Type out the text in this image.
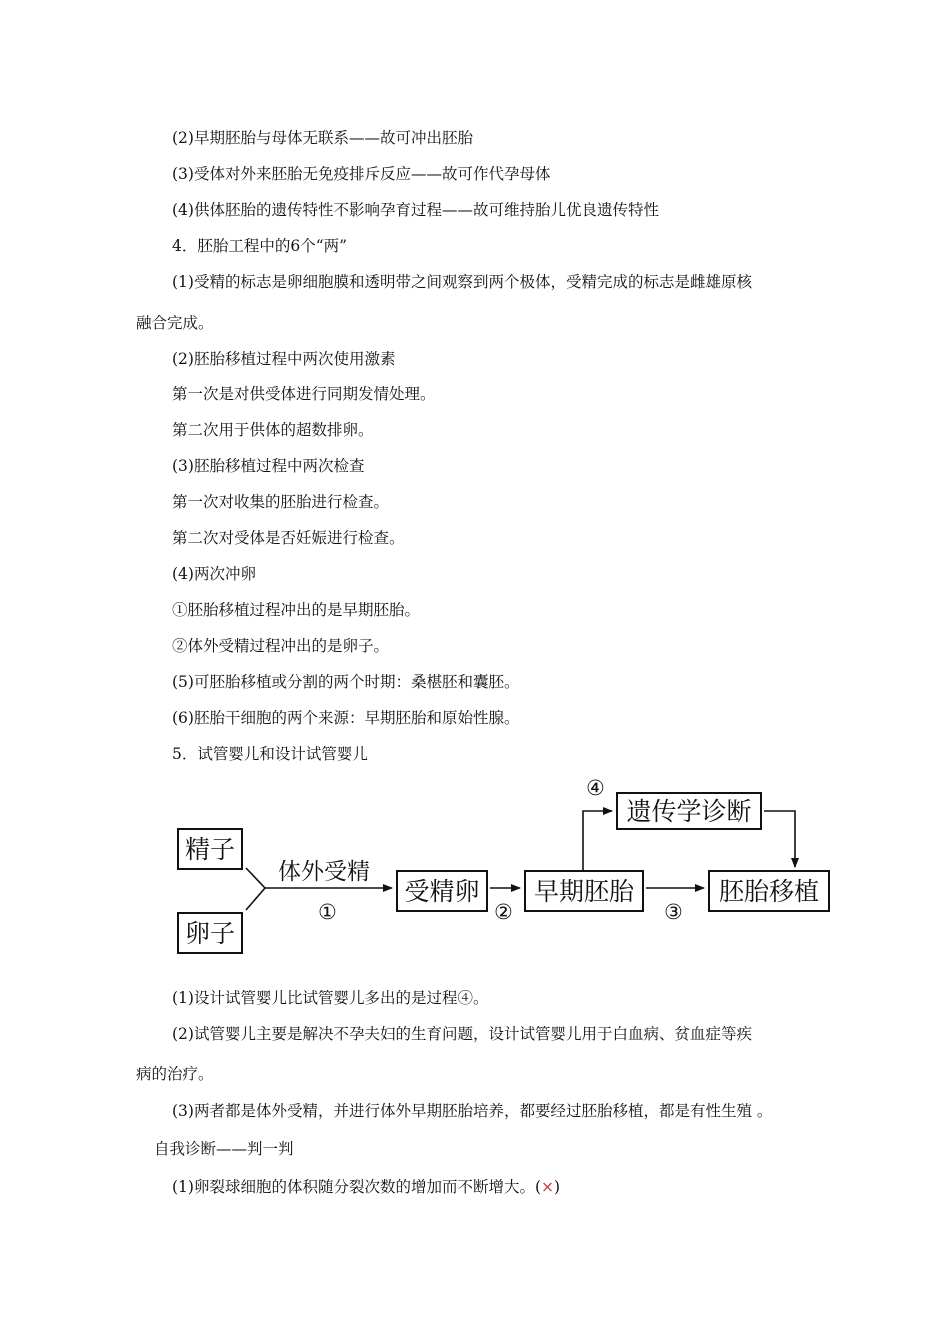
(2)早期胚胎与母体无联系——故可冲出胚胎
(3)受体对外来胚胎无免疫排斥反应——故可作代孕母体
(4)供体胚胎的遗传特性不影响孕育过程——故可维持胎儿优良遗传特性
4．胚胎工程中的6个“两”
(1)受精的标志是卵细胞膜和透明带之间观察到两个极体，受精完成的标志是雌雄原核
融合完成。
(2)胚胎移植过程中两次使用激素
第一次是对供受体进行同期发情处理。
第二次用于供体的超数排卵。
(3)胚胎移植过程中两次检查
第一次对收集的胚胎进行检查。
第二次对受体是否妊娠进行检查。
(4)两次冲卵
①胚胎移植过程冲出的是早期胚胎。
②体外受精过程冲出的是卵子。
(5)可胚胎移植或分割的两个时期：桑椹胚和囊胚。
(6)胚胎干细胞的两个来源：早期胚胎和原始性腺。
5．试管婴儿和设计试管婴儿
精子
卵子
体外受精
①
受精卵
②
早期胚胎
③
胚胎移植
④
遗传学诊断
(1)设计试管婴儿比试管婴儿多出的是过程④。
(2)试管婴儿主要是解决不孕夫妇的生育问题，设计试管婴儿用于白血病、贫血症等疾
病的治疗。
(3)两者都是体外受精，并进行体外早期胚胎培养，都要经过胚胎移植，都是有性生殖 。
自我诊断——判一判
(1)卵裂球细胞的体积随分裂次数的增加而不断增大。(×)
